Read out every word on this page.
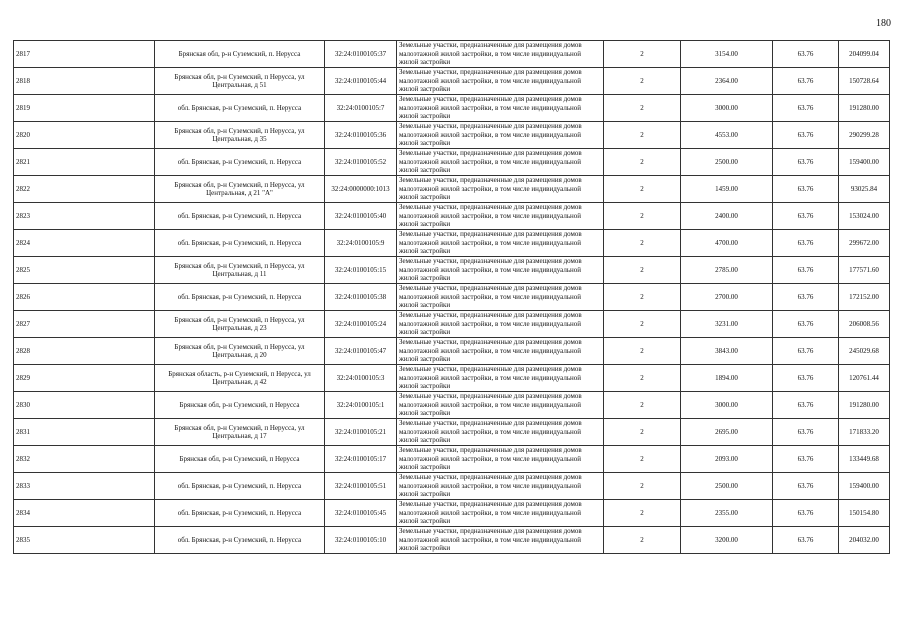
180
2817	Брянская обл, р-н Суземский, п. Нерусса	32:24:0100105:37	Земельные участки, предназначенные для размещения домов малоэтажной жилой застройки, в том числе индивидуальной жилой застройки	2	3154.00	63.76	204099.04
2818	Брянская обл, р-н Суземский, п Нерусса, ул Центральная, д 51	32:24:0100105:44	Земельные участки, предназначенные для размещения домов малоэтажной жилой застройки, в том числе индивидуальной жилой застройки	2	2364.00	63.76	150728.64
2819	обл. Брянская, р-н Суземский, п. Нерусса	32:24:0100105:7	Земельные участки, предназначенные для размещения домов малоэтажной жилой застройки, в том числе индивидуальной жилой застройки	2	3000.00	63.76	191280.00
2820	Брянская обл, р-н Суземский, п Нерусса, ул Центральная, д 35	32:24:0100105:36	Земельные участки, предназначенные для размещения домов малоэтажной жилой застройки, в том числе индивидуальной жилой застройки	2	4553.00	63.76	290299.28
2821	обл. Брянская, р-н Суземский, п. Нерусса	32:24:0100105:52	Земельные участки, предназначенные для размещения домов малоэтажной жилой застройки, в том числе индивидуальной жилой застройки	2	2500.00	63.76	159400.00
2822	Брянская обл, р-н Суземский, п Нерусса, ул Центральная, д 21 "А"	32:24:0000000:1013	Земельные участки, предназначенные для размещения домов малоэтажной жилой застройки, в том числе индивидуальной жилой застройки	2	1459.00	63.76	93025.84
2823	обл. Брянская, р-н Суземский, п. Нерусса	32:24:0100105:40	Земельные участки, предназначенные для размещения домов малоэтажной жилой застройки, в том числе индивидуальной жилой застройки	2	2400.00	63.76	153024.00
2824	обл. Брянская, р-н Суземский, п. Нерусса	32:24:0100105:9	Земельные участки, предназначенные для размещения домов малоэтажной жилой застройки, в том числе индивидуальной жилой застройки	2	4700.00	63.76	299672.00
2825	Брянская обл, р-н Суземский, п Нерусса, ул Центральная, д 11	32:24:0100105:15	Земельные участки, предназначенные для размещения домов малоэтажной жилой застройки, в том числе индивидуальной жилой застройки	2	2785.00	63.76	177571.60
2826	обл. Брянская, р-н Суземский, п. Нерусса	32:24:0100105:38	Земельные участки, предназначенные для размещения домов малоэтажной жилой застройки, в том числе индивидуальной жилой застройки	2	2700.00	63.76	172152.00
2827	Брянская обл, р-н Суземский, п Нерусса, ул Центральная, д 23	32:24:0100105:24	Земельные участки, предназначенные для размещения домов малоэтажной жилой застройки, в том числе индивидуальной жилой застройки	2	3231.00	63.76	206008.56
2828	Брянская обл, р-н Суземский, п Нерусса, ул Центральная, д 20	32:24:0100105:47	Земельные участки, предназначенные для размещения домов малоэтажной жилой застройки, в том числе индивидуальной жилой застройки	2	3843.00	63.76	245029.68
2829	Брянская область, р-н Суземский, п Нерусса, ул Центральная, д 42	32:24:0100105:3	Земельные участки, предназначенные для размещения домов малоэтажной жилой застройки, в том числе индивидуальной жилой застройки	2	1894.00	63.76	120761.44
2830	Брянская обл, р-н Суземский, п Нерусса	32:24:0100105:1	Земельные участки, предназначенные для размещения домов малоэтажной жилой застройки, в том числе индивидуальной жилой застройки	2	3000.00	63.76	191280.00
2831	Брянская обл, р-н Суземский, п Нерусса, ул Центральная, д 17	32:24:0100105:21	Земельные участки, предназначенные для размещения домов малоэтажной жилой застройки, в том числе индивидуальной жилой застройки	2	2695.00	63.76	171833.20
2832	Брянская обл, р-н Суземский, п Нерусса	32:24:0100105:17	Земельные участки, предназначенные для размещения домов малоэтажной жилой застройки, в том числе индивидуальной жилой застройки	2	2093.00	63.76	133449.68
2833	обл. Брянская, р-н Суземский, п. Нерусса	32:24:0100105:51	Земельные участки, предназначенные для размещения домов малоэтажной жилой застройки, в том числе индивидуальной жилой застройки	2	2500.00	63.76	159400.00
2834	обл. Брянская, р-н Суземский, п. Нерусса	32:24:0100105:45	Земельные участки, предназначенные для размещения домов малоэтажной жилой застройки, в том числе индивидуальной жилой застройки	2	2355.00	63.76	150154.80
2835	обл. Брянская, р-н Суземский, п. Нерусса	32:24:0100105:10	Земельные участки, предназначенные для размещения домов малоэтажной жилой застройки, в том числе индивидуальной жилой застройки	2	3200.00	63.76	204032.00
